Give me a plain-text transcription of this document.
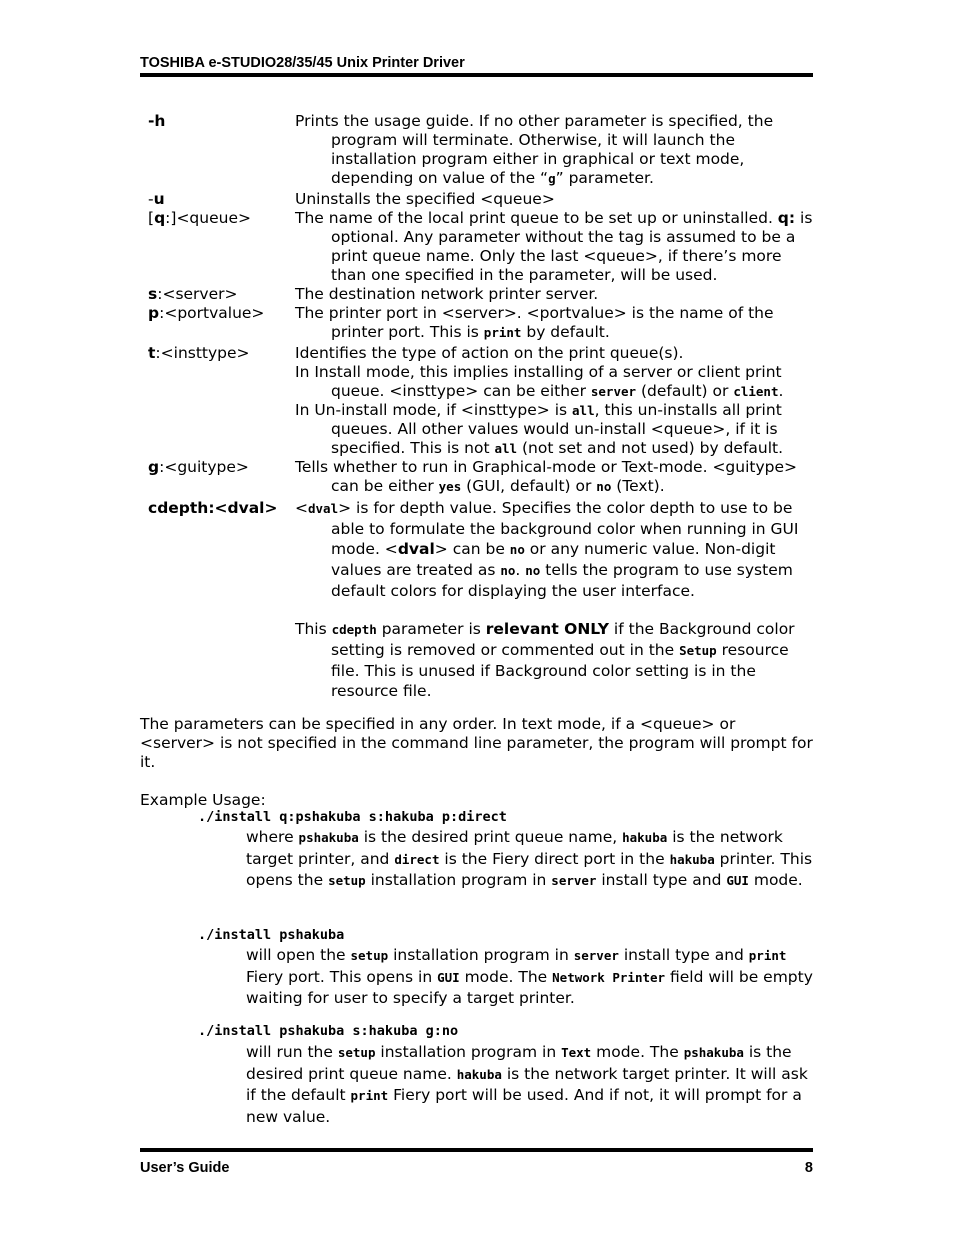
TOSHIBA e-STUDIO28/35/45 Unix Printer Driver
-h	Prints the usage guide. If no other parameter is specified, the program will terminate. Otherwise, it will launch the installation program either in graphical or text mode, depending on value of the “g” parameter.

-u	Uninstalls the specified <queue>

[q:]<queue>	The name of the local print queue to be set up or uninstalled. q: is optional. Any parameter without the tag is assumed to be a print queue name. Only the last <queue>, if there’s more than one specified in the parameter, will be used.

s:<server>	The destination network printer server.

p:<portvalue>	The printer port in <server>. <portvalue> is the name of the printer port. This is print by default.

t:<insttype>	Identifies the type of action on the print queue(s).

In Install mode, this implies installing of a server or client print queue. <insttype> can be either server (default) or client.

In Un-install mode, if <insttype> is all, this un-installs all print queues. All other values would un-install <queue>, if it is specified. This is not all (not set and not used) by default.

g:<guitype>	Tells whether to run in Graphical-mode or Text-mode. <guitype> can be either yes (GUI, default) or no (Text).

cdepth:<dval>	<dval> is for depth value. Specifies the color depth to use to be able to formulate the background color when running in GUI mode. <dval> can be no or any numeric value. Non-digit values are treated as no. no tells the program to use system default colors for displaying the user interface.

This cdepth parameter is relevant ONLY if the Background color setting is removed or commented out in the Setup resource file. This is unused if Background color setting is in the resource file.

The parameters can be specified in any order. In text mode, if a <queue> or <server> is not specified in the command line parameter, the program will prompt for it.
Example Usage:
./install q:pshakuba s:hakuba p:direct
where pshakuba is the desired print queue name, hakuba is the network target printer, and direct is the Fiery direct port in the hakuba printer. This opens the setup installation program in server install type and GUI mode.
./install pshakuba
will open the setup installation program in server install type and print Fiery port. This opens in GUI mode. The Network Printer field will be empty waiting for user to specify a target printer.
./install pshakuba s:hakuba g:no
will run the setup installation program in Text mode. The pshakuba is the desired print queue name. hakuba is the network target printer. It will ask if the default print Fiery port will be used. And if not, it will prompt for a new value.
User’s Guide	8
